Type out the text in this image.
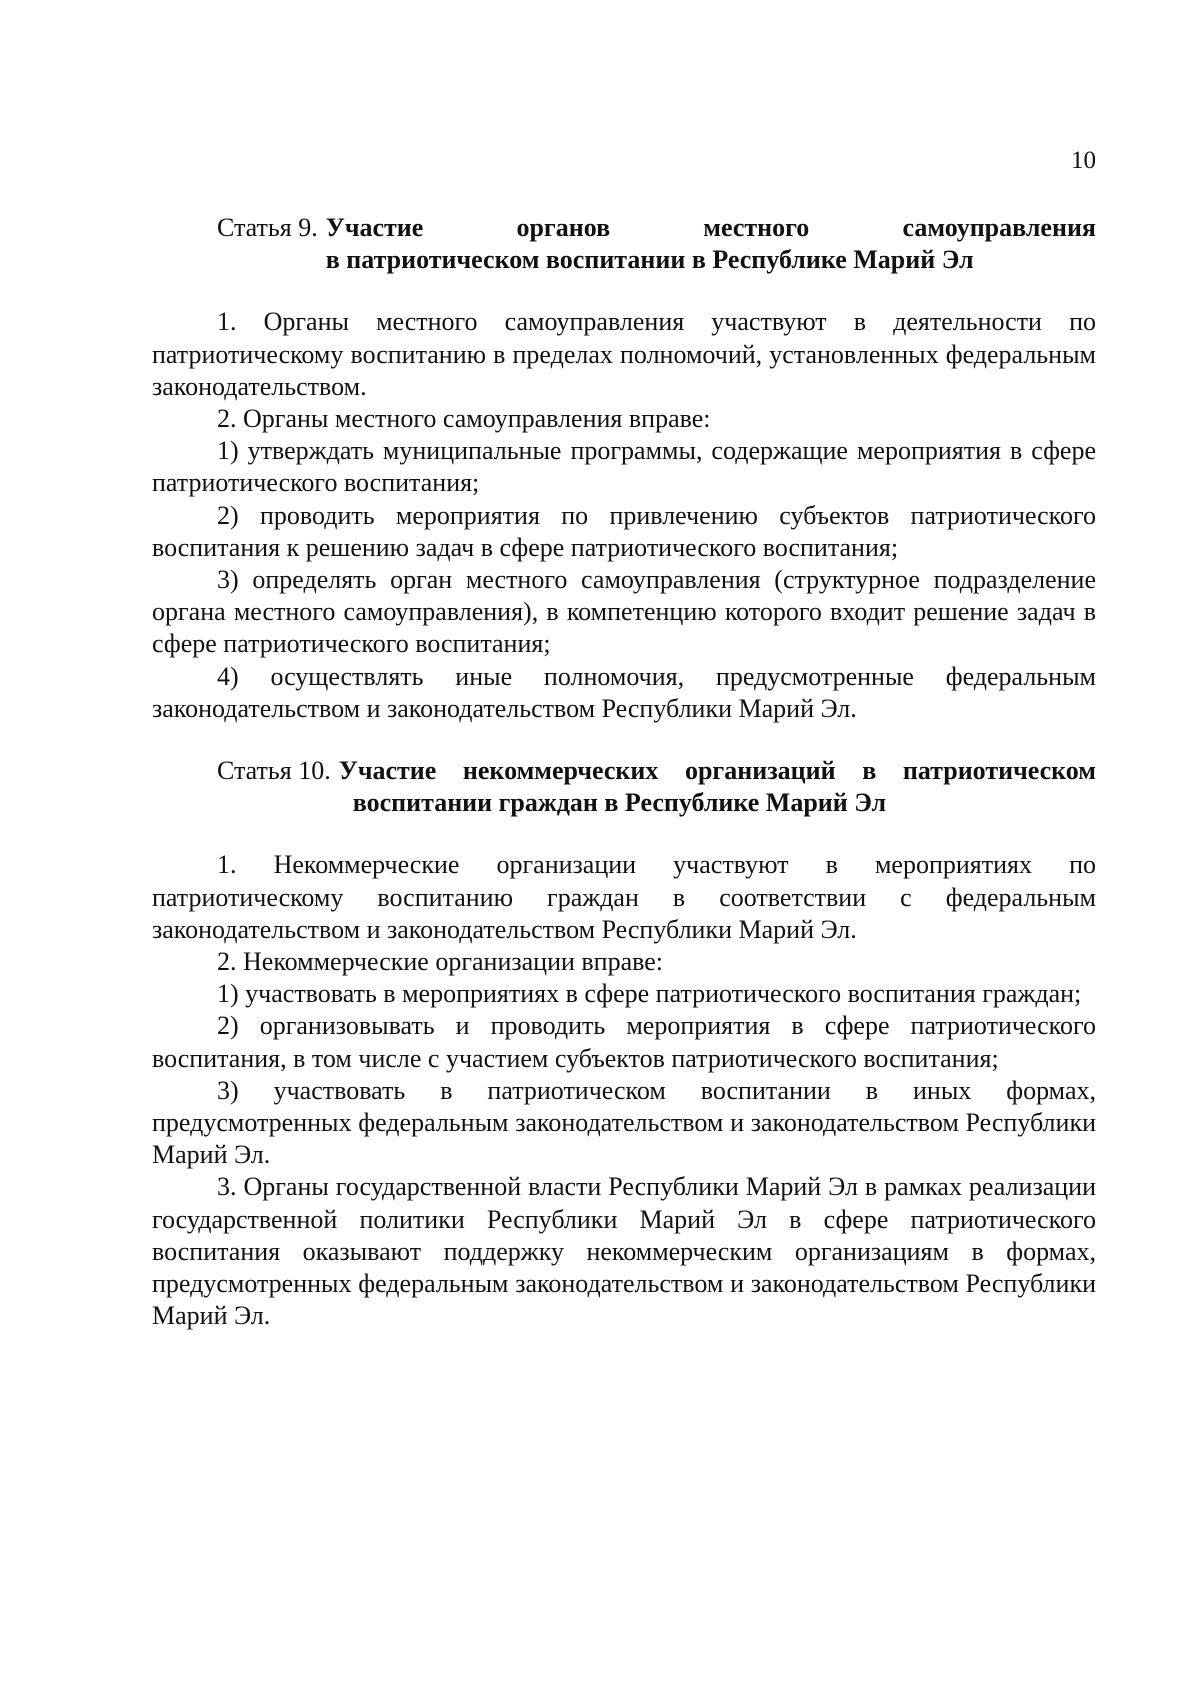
10
Статья 9. Участие органов местного самоуправления
в патриотическом воспитании в Республике Марий Эл

1. Органы местного самоуправления участвуют в деятельности по патриотическому воспитанию в пределах полномочий, установленных федеральным законодательством.

2. Органы местного самоуправления вправе:

1) утверждать муниципальные программы, содержащие мероприятия в сфере патриотического воспитания;

2) проводить мероприятия по привлечению субъектов патриотического воспитания к решению задач в сфере патриотического воспитания;

3) определять орган местного самоуправления (структурное подразделение органа местного самоуправления), в компетенцию которого входит решение задач в сфере патриотического воспитания;

4) осуществлять иные полномочия, предусмотренные федеральным законодательством и законодательством Республики Марий Эл.

Статья 10. Участие некоммерческих организаций в патриотическом
воспитании граждан в Республике Марий Эл

1. Некоммерческие организации участвуют в мероприятиях по патриотическому воспитанию граждан в соответствии с федеральным законодательством и законодательством Республики Марий Эл.

2. Некоммерческие организации вправе:

1) участвовать в мероприятиях в сфере патриотического воспитания граждан;

2) организовывать и проводить мероприятия в сфере патриотического воспитания, в том числе с участием субъектов патриотического воспитания;

3) участвовать в патриотическом воспитании в иных формах, предусмотренных федеральным законодательством и законодательством Республики Марий Эл.

3. Органы государственной власти Республики Марий Эл в рамках реализации государственной политики Республики Марий Эл в сфере патриотического воспитания оказывают поддержку некоммерческим организациям в формах, предусмотренных федеральным законодательством и законодательством Республики Марий Эл.
